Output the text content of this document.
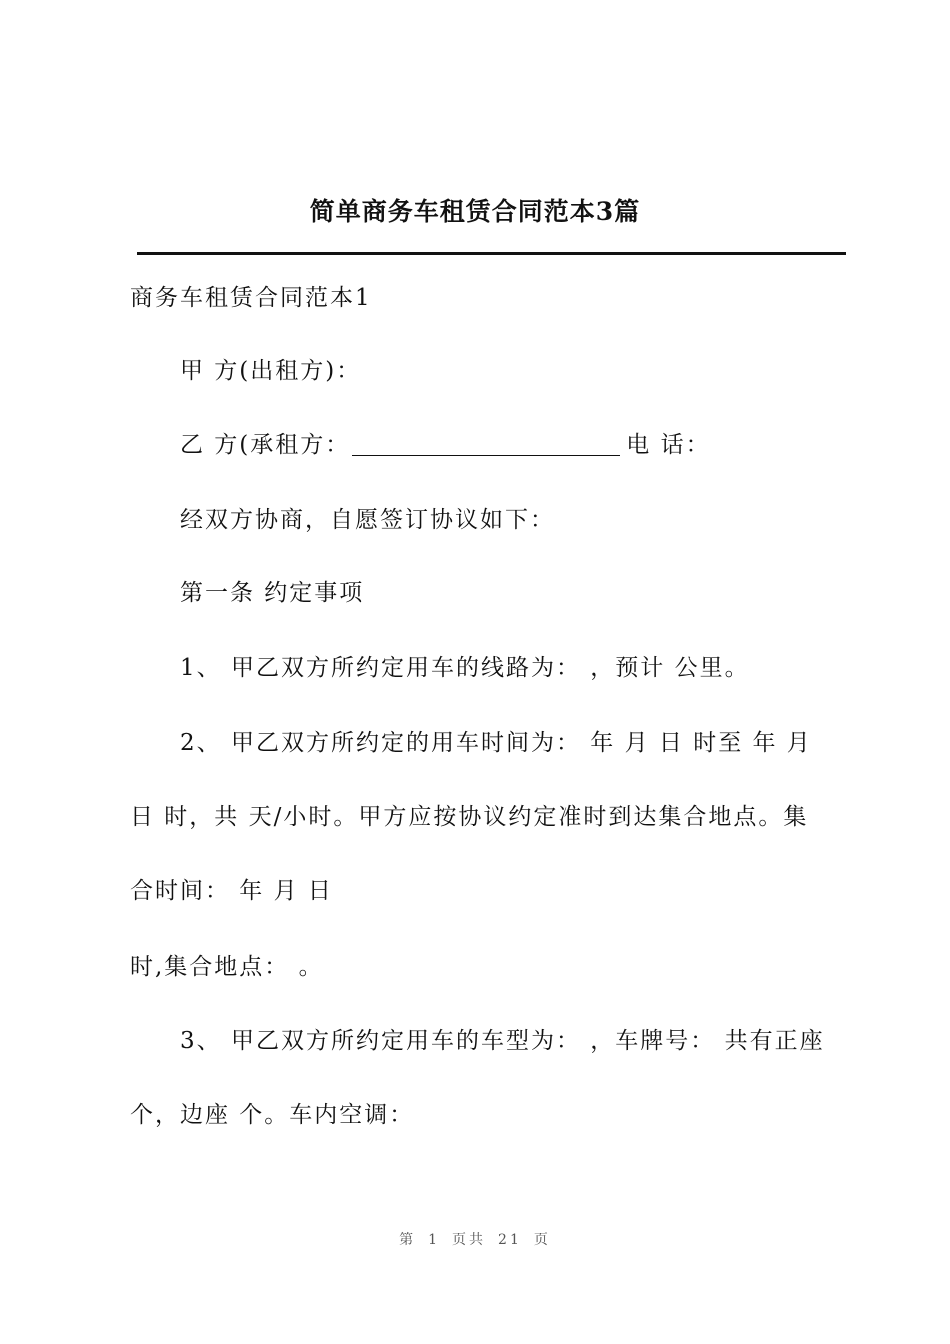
简单商务车租赁合同范本3篇
商务车租赁合同范本1
甲 方(出租方)：
乙 方(承租方：	电 话：
经双方协商，自愿签订协议如下：
第一条 约定事项
1、 甲乙双方所约定用车的线路为： ，预计 公里。
2、 甲乙双方所约定的用车时间为： 年 月 日 时至 年 月
日 时，共 天/小时。甲方应按协议约定准时到达集合地点。集
合时间： 年 月 日
时,集合地点： 。
3、 甲乙双方所约定用车的车型为： ，车牌号： 共有正座
个，边座 个。车内空调：
第 1 页共 21 页
